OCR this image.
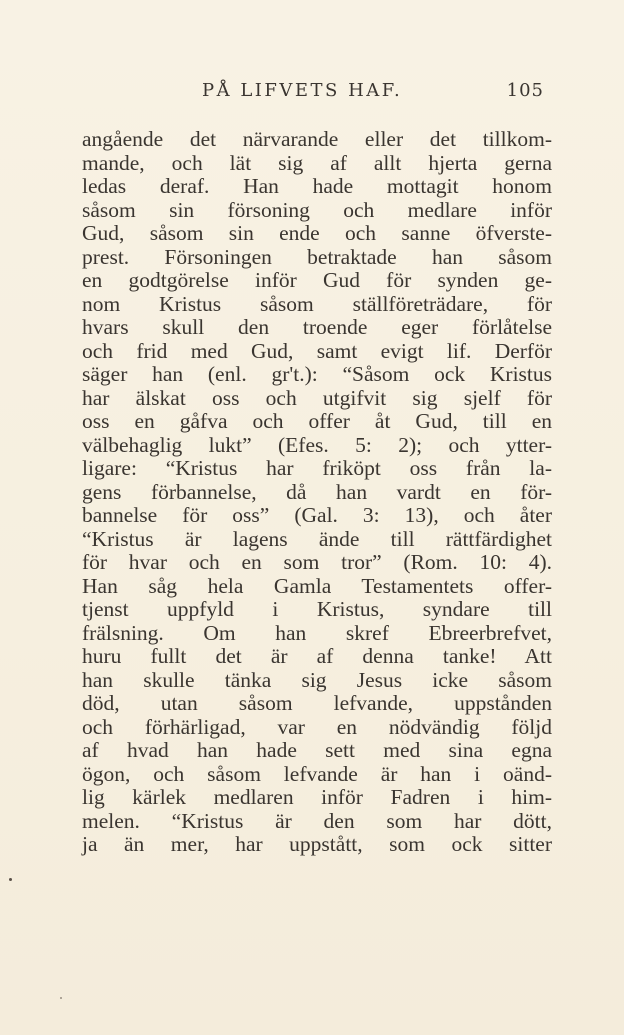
PÅ LIFVETS HAF.	105
angående det närvarande eller det tillkom-
mande, och lät sig af allt hjerta gerna
ledas deraf. Han hade mottagit honom
såsom sin försoning och medlare inför
Gud, såsom sin ende och sanne öfverste-
prest. Försoningen betraktade han såsom
en godtgörelse inför Gud för synden ge-
nom Kristus såsom ställföreträdare, för
hvars skull den troende eger förlåtelse
och frid med Gud, samt evigt lif. Derför
säger han (enl. gr't.): “Såsom ock Kristus
har älskat oss och utgifvit sig sjelf för
oss en gåfva och offer åt Gud, till en
välbehaglig lukt” (Efes. 5: 2); och ytter-
ligare: “Kristus har friköpt oss från la-
gens förbannelse, då han vardt en för-
bannelse för oss” (Gal. 3: 13), och åter
“Kristus är lagens ände till rättfärdighet
för hvar och en som tror” (Rom. 10: 4).
Han såg hela Gamla Testamentets offer-
tjenst uppfyld i Kristus, syndare till
frälsning. Om han skref Ebreerbrefvet,
huru fullt det är af denna tanke! Att
han skulle tänka sig Jesus icke såsom
död, utan såsom lefvande, uppstånden
och förhärligad, var en nödvändig följd
af hvad han hade sett med sina egna
ögon, och såsom lefvande är han i oänd-
lig kärlek medlaren inför Fadren i him-
melen. “Kristus är den som har dött,
ja än mer, har uppstått, som ock sitter
